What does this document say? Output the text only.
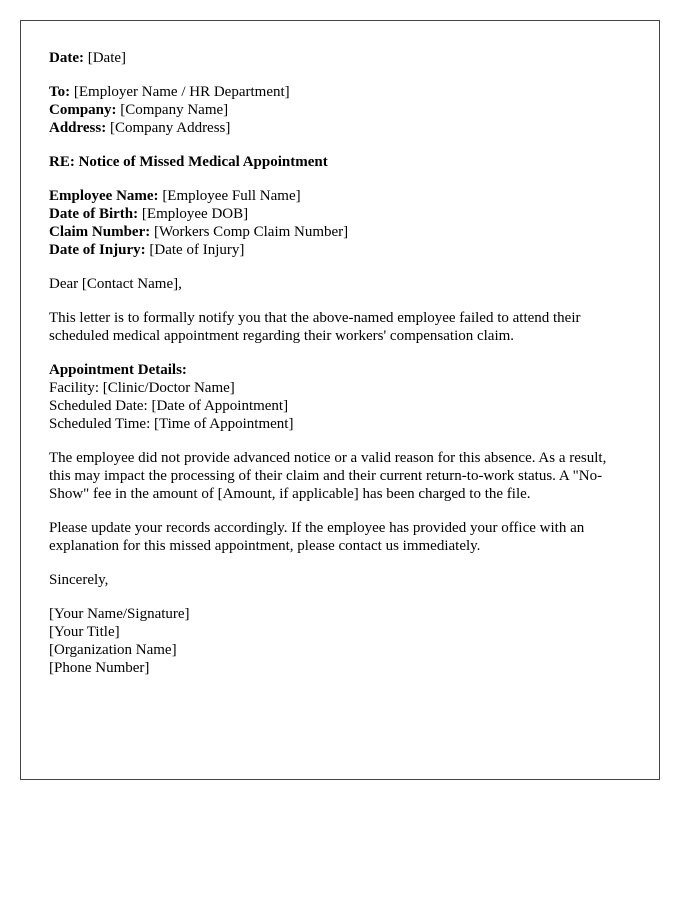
Date: [Date]
To: [Employer Name / HR Department]
Company: [Company Name]
Address: [Company Address]
RE: Notice of Missed Medical Appointment
Employee Name: [Employee Full Name]
Date of Birth: [Employee DOB]
Claim Number: [Workers Comp Claim Number]
Date of Injury: [Date of Injury]

Dear [Contact Name],

This letter is to formally notify you that the above-named employee failed to attend their scheduled medical appointment regarding their workers' compensation claim.

Appointment Details:
Facility: [Clinic/Doctor Name]
Scheduled Date: [Date of Appointment]
Scheduled Time: [Time of Appointment]

The employee did not provide advanced notice or a valid reason for this absence. As a result, this may impact the processing of their claim and their current return-to-work status. A "No-Show" fee in the amount of [Amount, if applicable] has been charged to the file.

Please update your records accordingly. If the employee has provided your office with an explanation for this missed appointment, please contact us immediately.

Sincerely,

[Your Name/Signature]
[Your Title]
[Organization Name]
[Phone Number]
